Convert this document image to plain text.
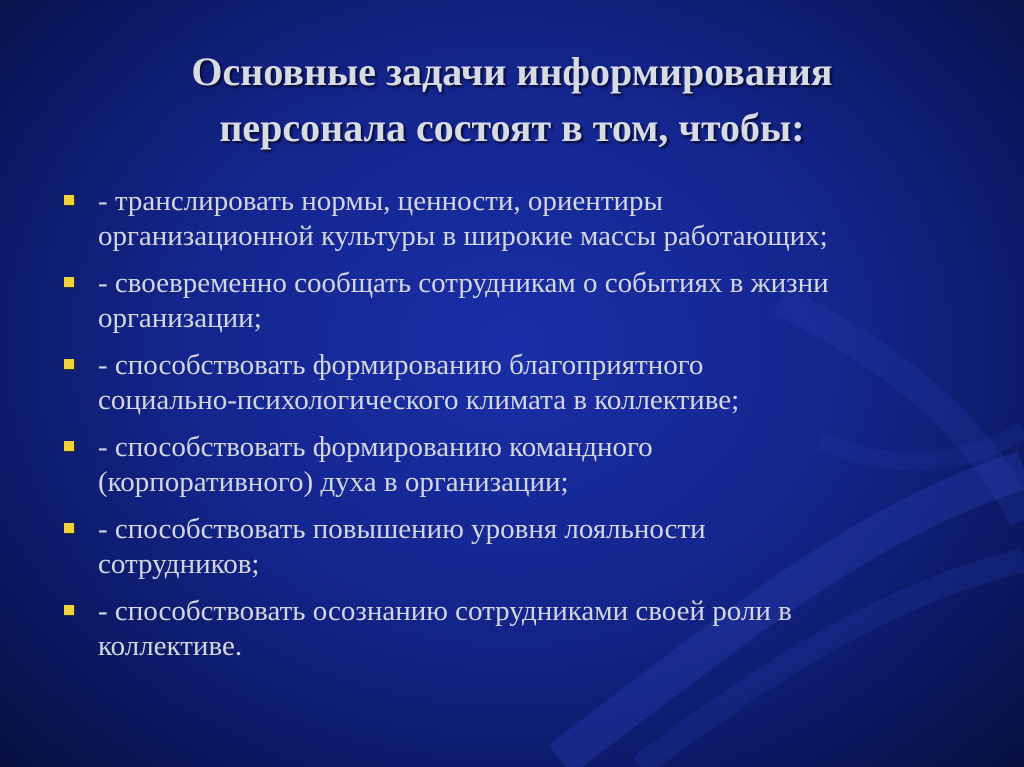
Основные задачи информирования
персонала состоят в том, чтобы:
- транслировать нормы, ценности, ориентиры
организационной культуры в широкие массы работающих;
- своевременно сообщать сотрудникам о событиях в жизни
организации;
- способствовать формированию благоприятного
социально-психологического климата в коллективе;
- способствовать формированию командного
(корпоративного) духа в организации;
- способствовать повышению уровня лояльности
сотрудников;
- способствовать осознанию сотрудниками своей роли в
коллективе.
